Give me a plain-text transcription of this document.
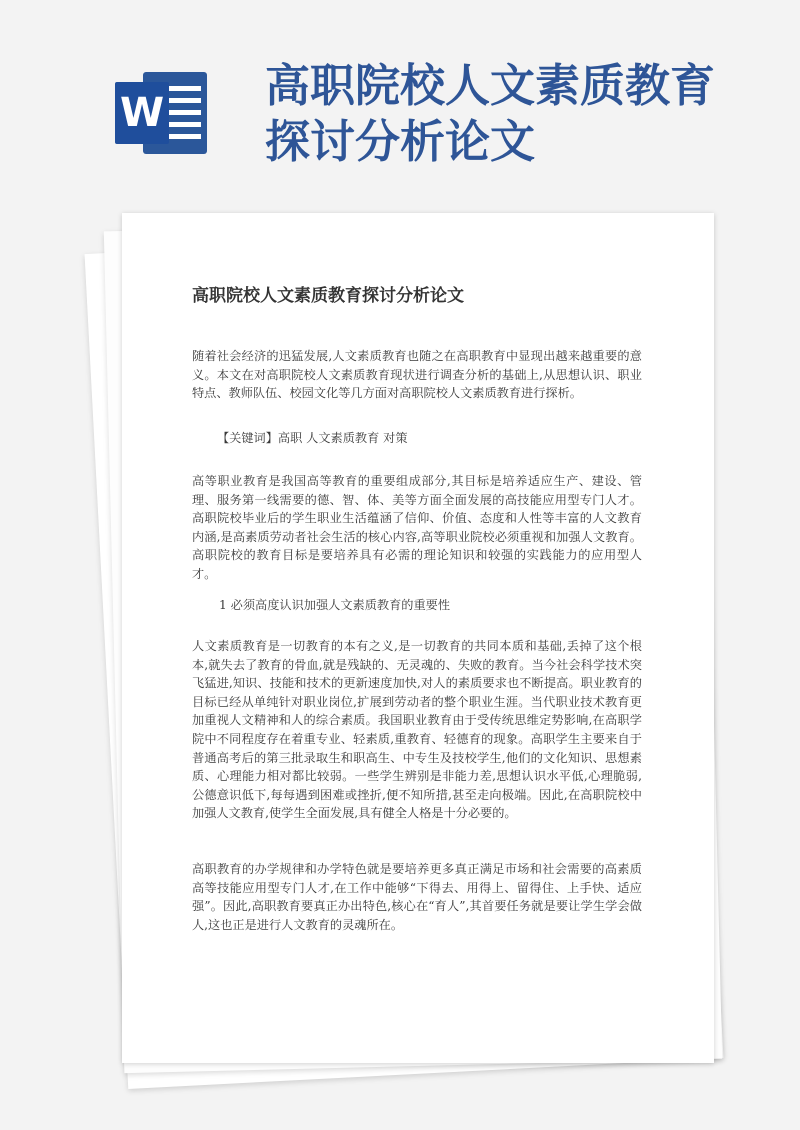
W
高职院校人文素质教育
探讨分析论文
高职院校人文素质教育探讨分析论文

随着社会经济的迅猛发展,人文素质教育也随之在高职教育中显现出越来越重要的意义。本文在对高职院校人文素质教育现状进行调查分析的基础上,从思想认识、职业特点、教师队伍、校园文化等几方面对高职院校人文素质教育进行探析。

【关键词】高职 人文素质教育 对策

高等职业教育是我国高等教育的重要组成部分,其目标是培养适应生产、建设、管理、服务第一线需要的德、智、体、美等方面全面发展的高技能应用型专门人才。高职院校毕业后的学生职业生活蕴涵了信仰、价值、态度和人性等丰富的人文教育内涵,是高素质劳动者社会生活的核心内容,高等职业院校必须重视和加强人文教育。高职院校的教育目标是要培养具有必需的理论知识和较强的实践能力的应用型人才。

1 必须高度认识加强人文素质教育的重要性

人文素质教育是一切教育的本有之义,是一切教育的共同本质和基础,丢掉了这个根本,就失去了教育的骨血,就是残缺的、无灵魂的、失败的教育。当今社会科学技术突飞猛进,知识、技能和技术的更新速度加快,对人的素质要求也不断提高。职业教育的目标已经从单纯针对职业岗位,扩展到劳动者的整个职业生涯。当代职业技术教育更加重视人文精神和人的综合素质。我国职业教育由于受传统思维定势影响,在高职学院中不同程度存在着重专业、轻素质,重教育、轻德育的现象。高职学生主要来自于普通高考后的第三批录取生和职高生、中专生及技校学生,他们的文化知识、思想素质、心理能力相对都比较弱。一些学生辨别是非能力差,思想认识水平低,心理脆弱,公德意识低下,每每遇到困难或挫折,便不知所措,甚至走向极端。因此,在高职院校中加强人文教育,使学生全面发展,具有健全人格是十分必要的。

高职教育的办学规律和办学特色就是要培养更多真正满足市场和社会需要的高素质高等技能应用型专门人才,在工作中能够“下得去、用得上、留得住、上手快、适应强”。因此,高职教育要真正办出特色,核心在“育人”,其首要任务就是要让学生学会做人,这也正是进行人文教育的灵魂所在。
